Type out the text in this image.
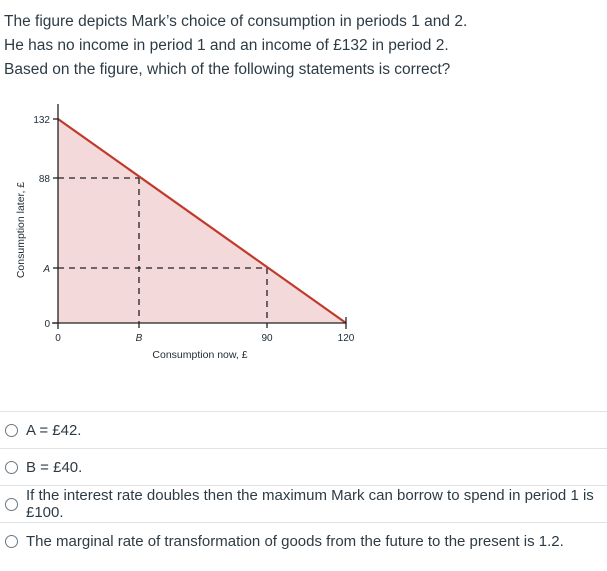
The figure depicts Mark’s choice of consumption in periods 1 and 2.

He has no income in period 1 and an income of £132 in period 2.

Based on the figure, which of the following statements is correct?

132
88
A
0
0	B	90	120
Consumption now, £
Consumption later, £
A = £42.
B = £40.
If the interest rate doubles then the maximum Mark can borrow to spend in period 1 is £100.
The marginal rate of transformation of goods from the future to the present is 1.2.
